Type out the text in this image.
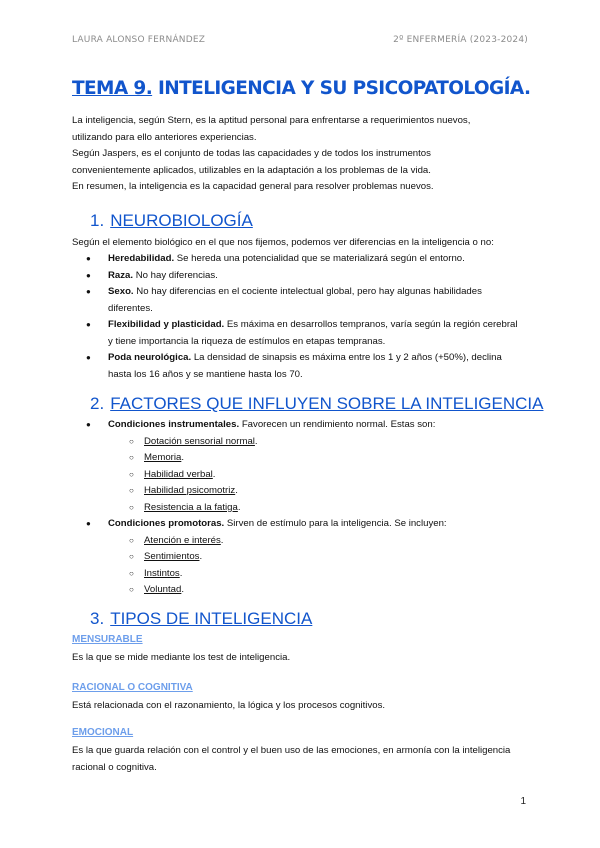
LAURA ALONSO FERNÁNDEZ	2º ENFERMERÍA (2023-2024)
TEMA 9. INTELIGENCIA Y SU PSICOPATOLOGÍA.
La inteligencia, según Stern, es la aptitud personal para enfrentarse a requerimientos nuevos, utilizando para ello anteriores experiencias.
Según Jaspers, es el conjunto de todas las capacidades y de todos los instrumentos convenientemente aplicados, utilizables en la adaptación a los problemas de la vida.
En resumen, la inteligencia es la capacidad general para resolver problemas nuevos.
1. NEUROBIOLOGÍA
Según el elemento biológico en el que nos fijemos, podemos ver diferencias en la inteligencia o no:
● Heredabilidad. Se hereda una potencialidad que se materializará según el entorno.
● Raza. No hay diferencias.
● Sexo. No hay diferencias en el cociente intelectual global, pero hay algunas habilidades diferentes.
● Flexibilidad y plasticidad. Es máxima en desarrollos tempranos, varía según la región cerebral y tiene importancia la riqueza de estímulos en etapas tempranas.
● Poda neurológica. La densidad de sinapsis es máxima entre los 1 y 2 años (+50%), declina hasta los 16 años y se mantiene hasta los 70.
2. FACTORES QUE INFLUYEN SOBRE LA INTELIGENCIA
● Condiciones instrumentales. Favorecen un rendimiento normal. Estas son:
○ Dotación sensorial normal.
○ Memoria.
○ Habilidad verbal.
○ Habilidad psicomotriz.
○ Resistencia a la fatiga.
● Condiciones promotoras. Sirven de estímulo para la inteligencia. Se incluyen:
○ Atención e interés.
○ Sentimientos.
○ Instintos.
○ Voluntad.
3. TIPOS DE INTELIGENCIA
MENSURABLE
Es la que se mide mediante los test de inteligencia.
RACIONAL O COGNITIVA
Está relacionada con el razonamiento, la lógica y los procesos cognitivos.
EMOCIONAL
Es la que guarda relación con el control y el buen uso de las emociones, en armonía con la inteligencia racional o cognitiva.
1
